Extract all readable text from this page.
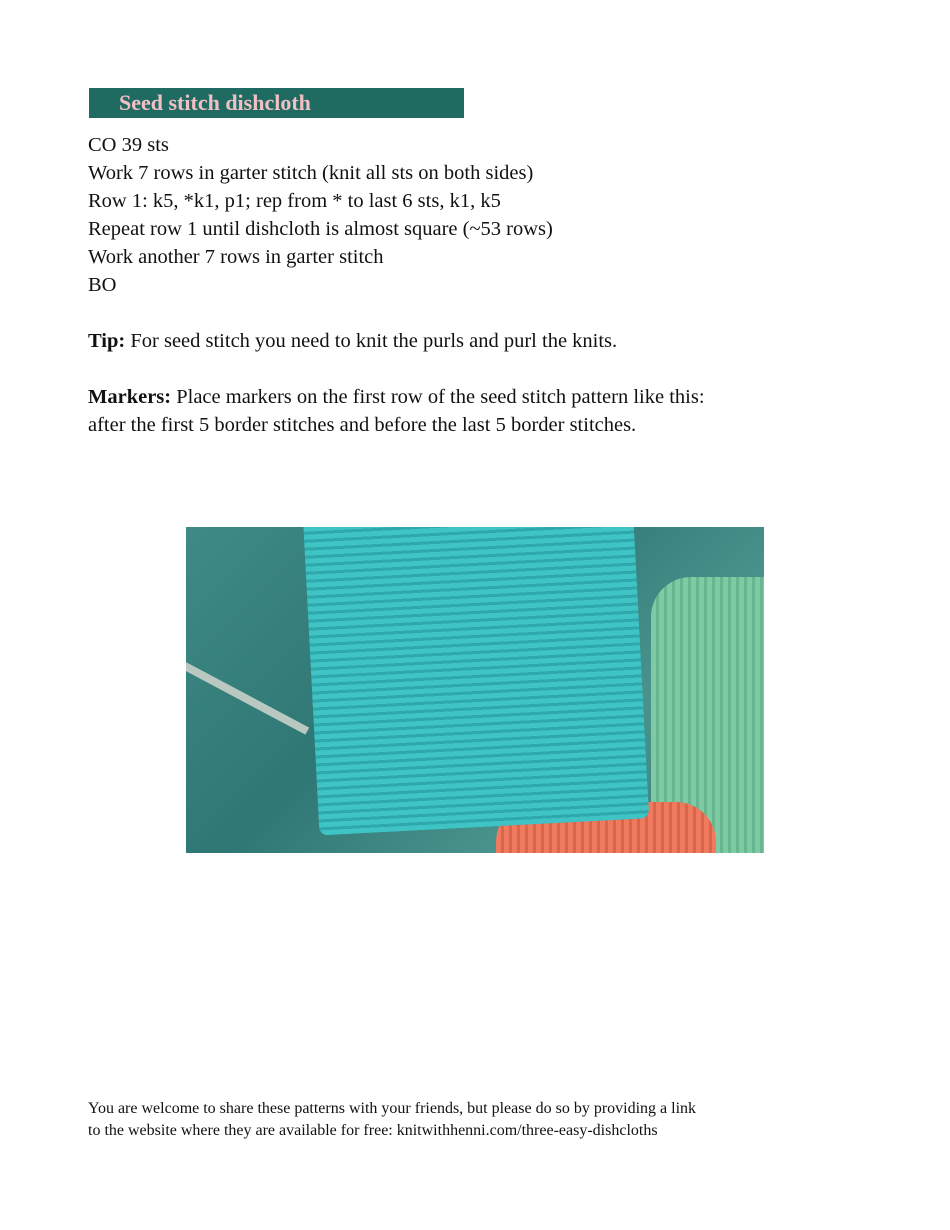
Seed stitch dishcloth
CO 39 sts
Work 7 rows in garter stitch (knit all sts on both sides)
Row 1: k5, *k1, p1; rep from * to last 6 sts, k1, k5
Repeat row 1 until dishcloth is almost square (~53 rows)
Work another 7 rows in garter stitch
BO
Tip: For seed stitch you need to knit the purls and purl the knits.
Markers: Place markers on the first row of the seed stitch pattern like this:
after the first 5 border stitches and before the last 5 border stitches.
You are welcome to share these patterns with your friends, but please do so by providing a link
to the website where they are available for free: knitwithhenni.com/three-easy-dishcloths
